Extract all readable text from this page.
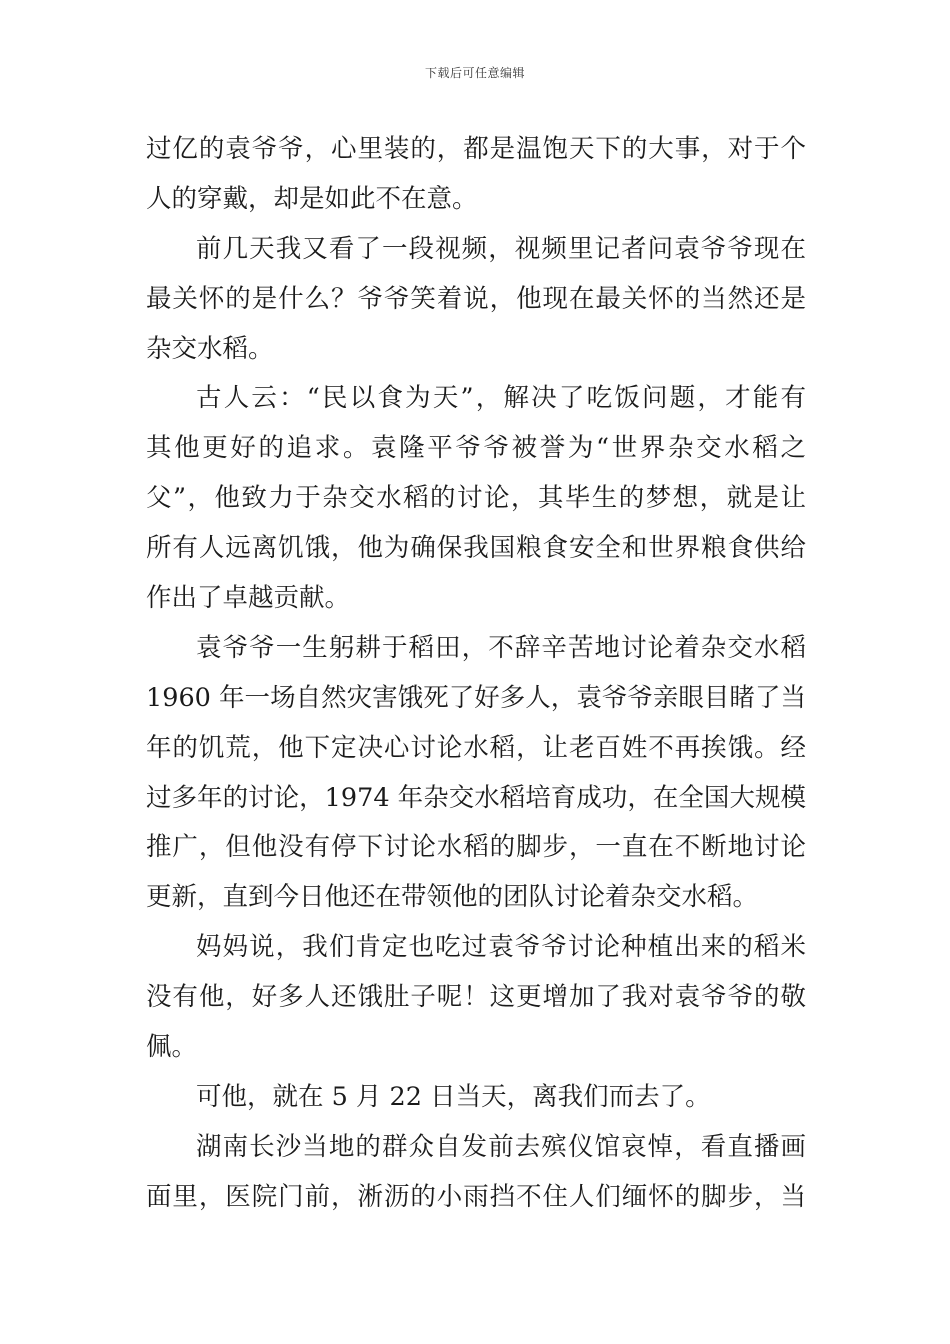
下载后可任意编辑
过亿的袁爷爷，心里装的，都是温饱天下的大事，对于个
人的穿戴，却是如此不在意。
前几天我又看了一段视频，视频里记者问袁爷爷现在
最关怀的是什么？爷爷笑着说，他现在最关怀的当然还是
杂交水稻。
古人云：“民以食为天”，解决了吃饭问题，才能有
其他更好的追求。袁隆平爷爷被誉为“世界杂交水稻之
父”，他致力于杂交水稻的讨论，其毕生的梦想，就是让
所有人远离饥饿，他为确保我国粮食安全和世界粮食供给
作出了卓越贡献。
袁爷爷一生躬耕于稻田，不辞辛苦地讨论着杂交水稻
1960 年一场自然灾害饿死了好多人，袁爷爷亲眼目睹了当
年的饥荒，他下定决心讨论水稻，让老百姓不再挨饿。经
过多年的讨论，1974 年杂交水稻培育成功，在全国大规模
推广，但他没有停下讨论水稻的脚步，一直在不断地讨论
更新，直到今日他还在带领他的团队讨论着杂交水稻。
妈妈说，我们肯定也吃过袁爷爷讨论种植出来的稻米
没有他，好多人还饿肚子呢！这更增加了我对袁爷爷的敬
佩。
可他，就在 5 月 22 日当天，离我们而去了。
湖南长沙当地的群众自发前去殡仪馆哀悼，看直播画
面里，医院门前，淅沥的小雨挡不住人们缅怀的脚步，当
